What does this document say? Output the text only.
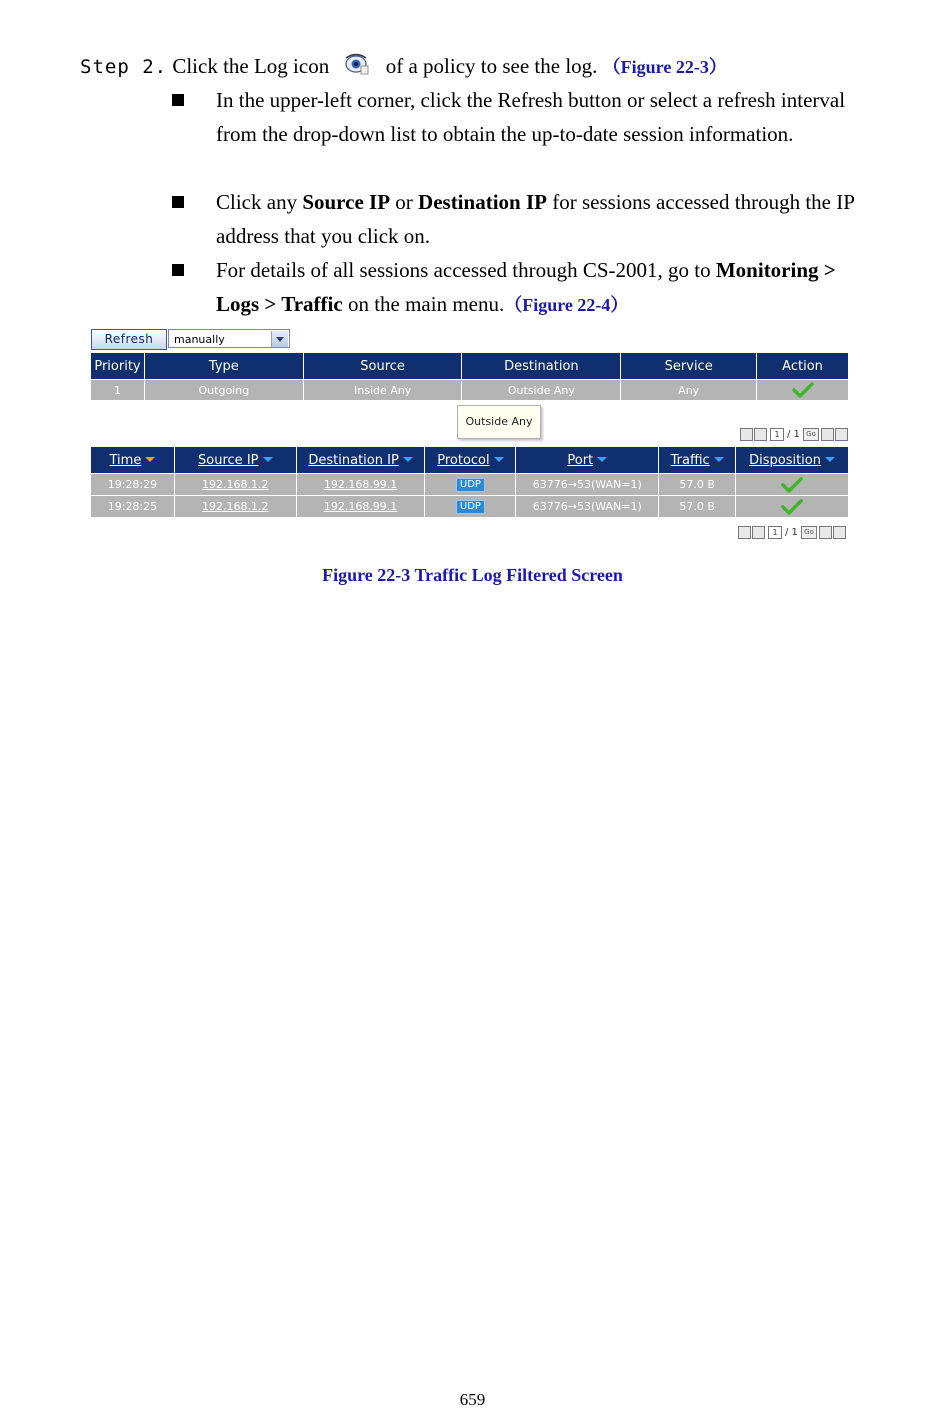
Step 2. Click the Log icon	of a policy to see the log. （Figure 22-3）
In the upper-left corner, click the Refresh button or select a refresh interval from the drop-down list to obtain the up-to-date session information.
Click any Source IP or Destination IP for sessions accessed through the IP address that you click on.
For details of all sessions accessed through CS-2001, go to Monitoring > Logs > Traffic on the main menu.（Figure 22-4）
Refresh	manually
Priority	Type	Source	Destination	Service	Action
1	Outgoing	Inside Any	Outside Any	Any	
Outside Any
1 / 1 Go
Time	Source IP	Destination IP	Protocol	Port	Traffic	Disposition
19:28:29	192.168.1.2	192.168.99.1	UDP	63776→53(WAN=1)	57.0 B	
19:28:25	192.168.1.2	192.168.99.1	UDP	63776→53(WAN=1)	57.0 B	
1 / 1 Go
Figure 22-3 Traffic Log Filtered Screen
659
